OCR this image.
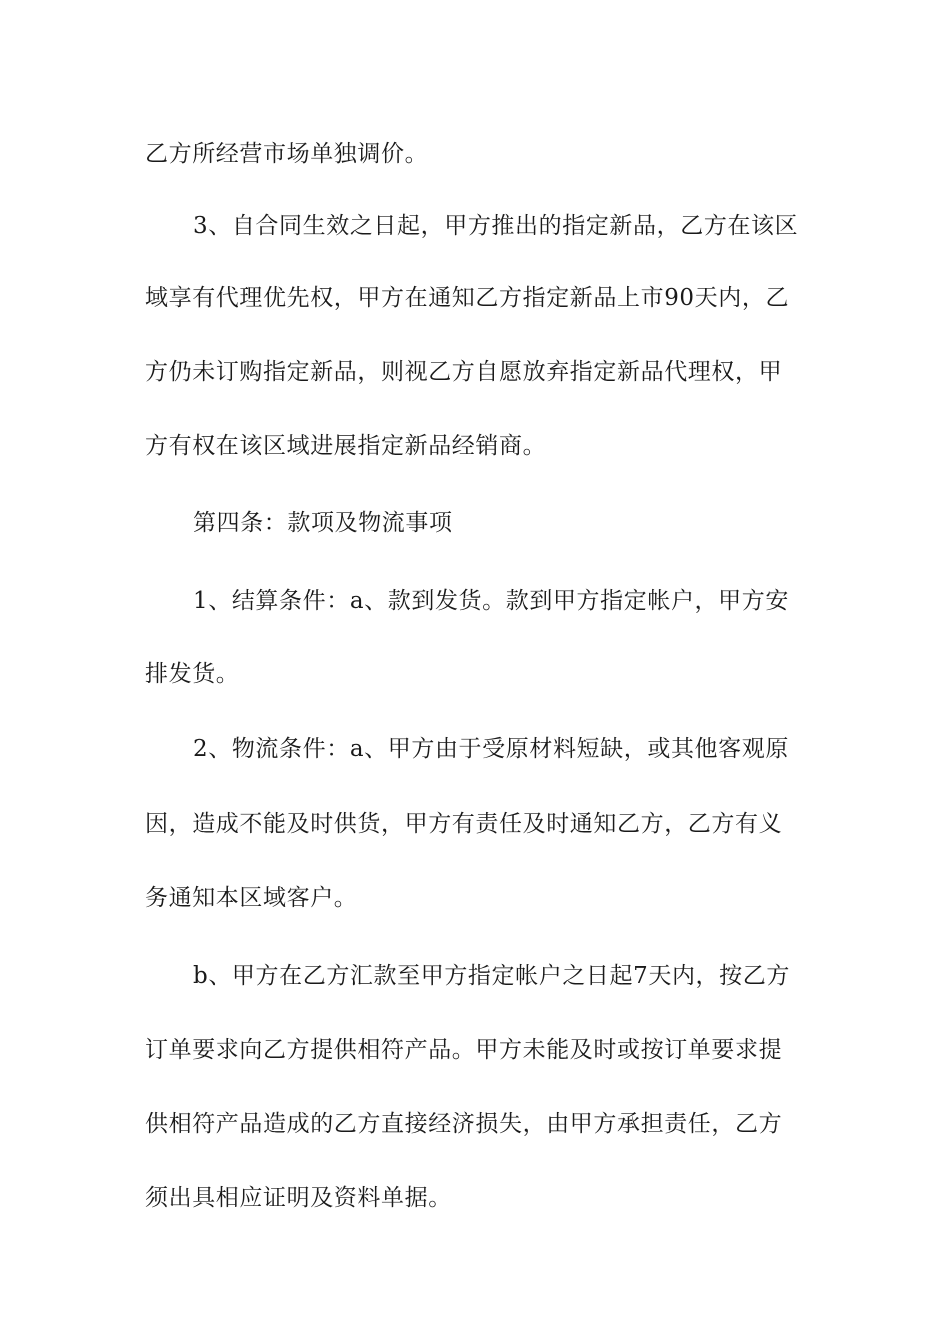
乙方所经营市场单独调价。
3、自合同生效之日起，甲方推出的指定新品，乙方在该区
域享有代理优先权，甲方在通知乙方指定新品上市90天内，乙
方仍未订购指定新品，则视乙方自愿放弃指定新品代理权，甲
方有权在该区域进展指定新品经销商。
第四条：款项及物流事项
1、结算条件：a、款到发货。款到甲方指定帐户，甲方安
排发货。
2、物流条件：a、甲方由于受原材料短缺，或其他客观原
因，造成不能及时供货，甲方有责任及时通知乙方，乙方有义
务通知本区域客户。
b、甲方在乙方汇款至甲方指定帐户之日起7天内，按乙方
订单要求向乙方提供相符产品。甲方未能及时或按订单要求提
供相符产品造成的乙方直接经济损失，由甲方承担责任，乙方
须出具相应证明及资料单据。
